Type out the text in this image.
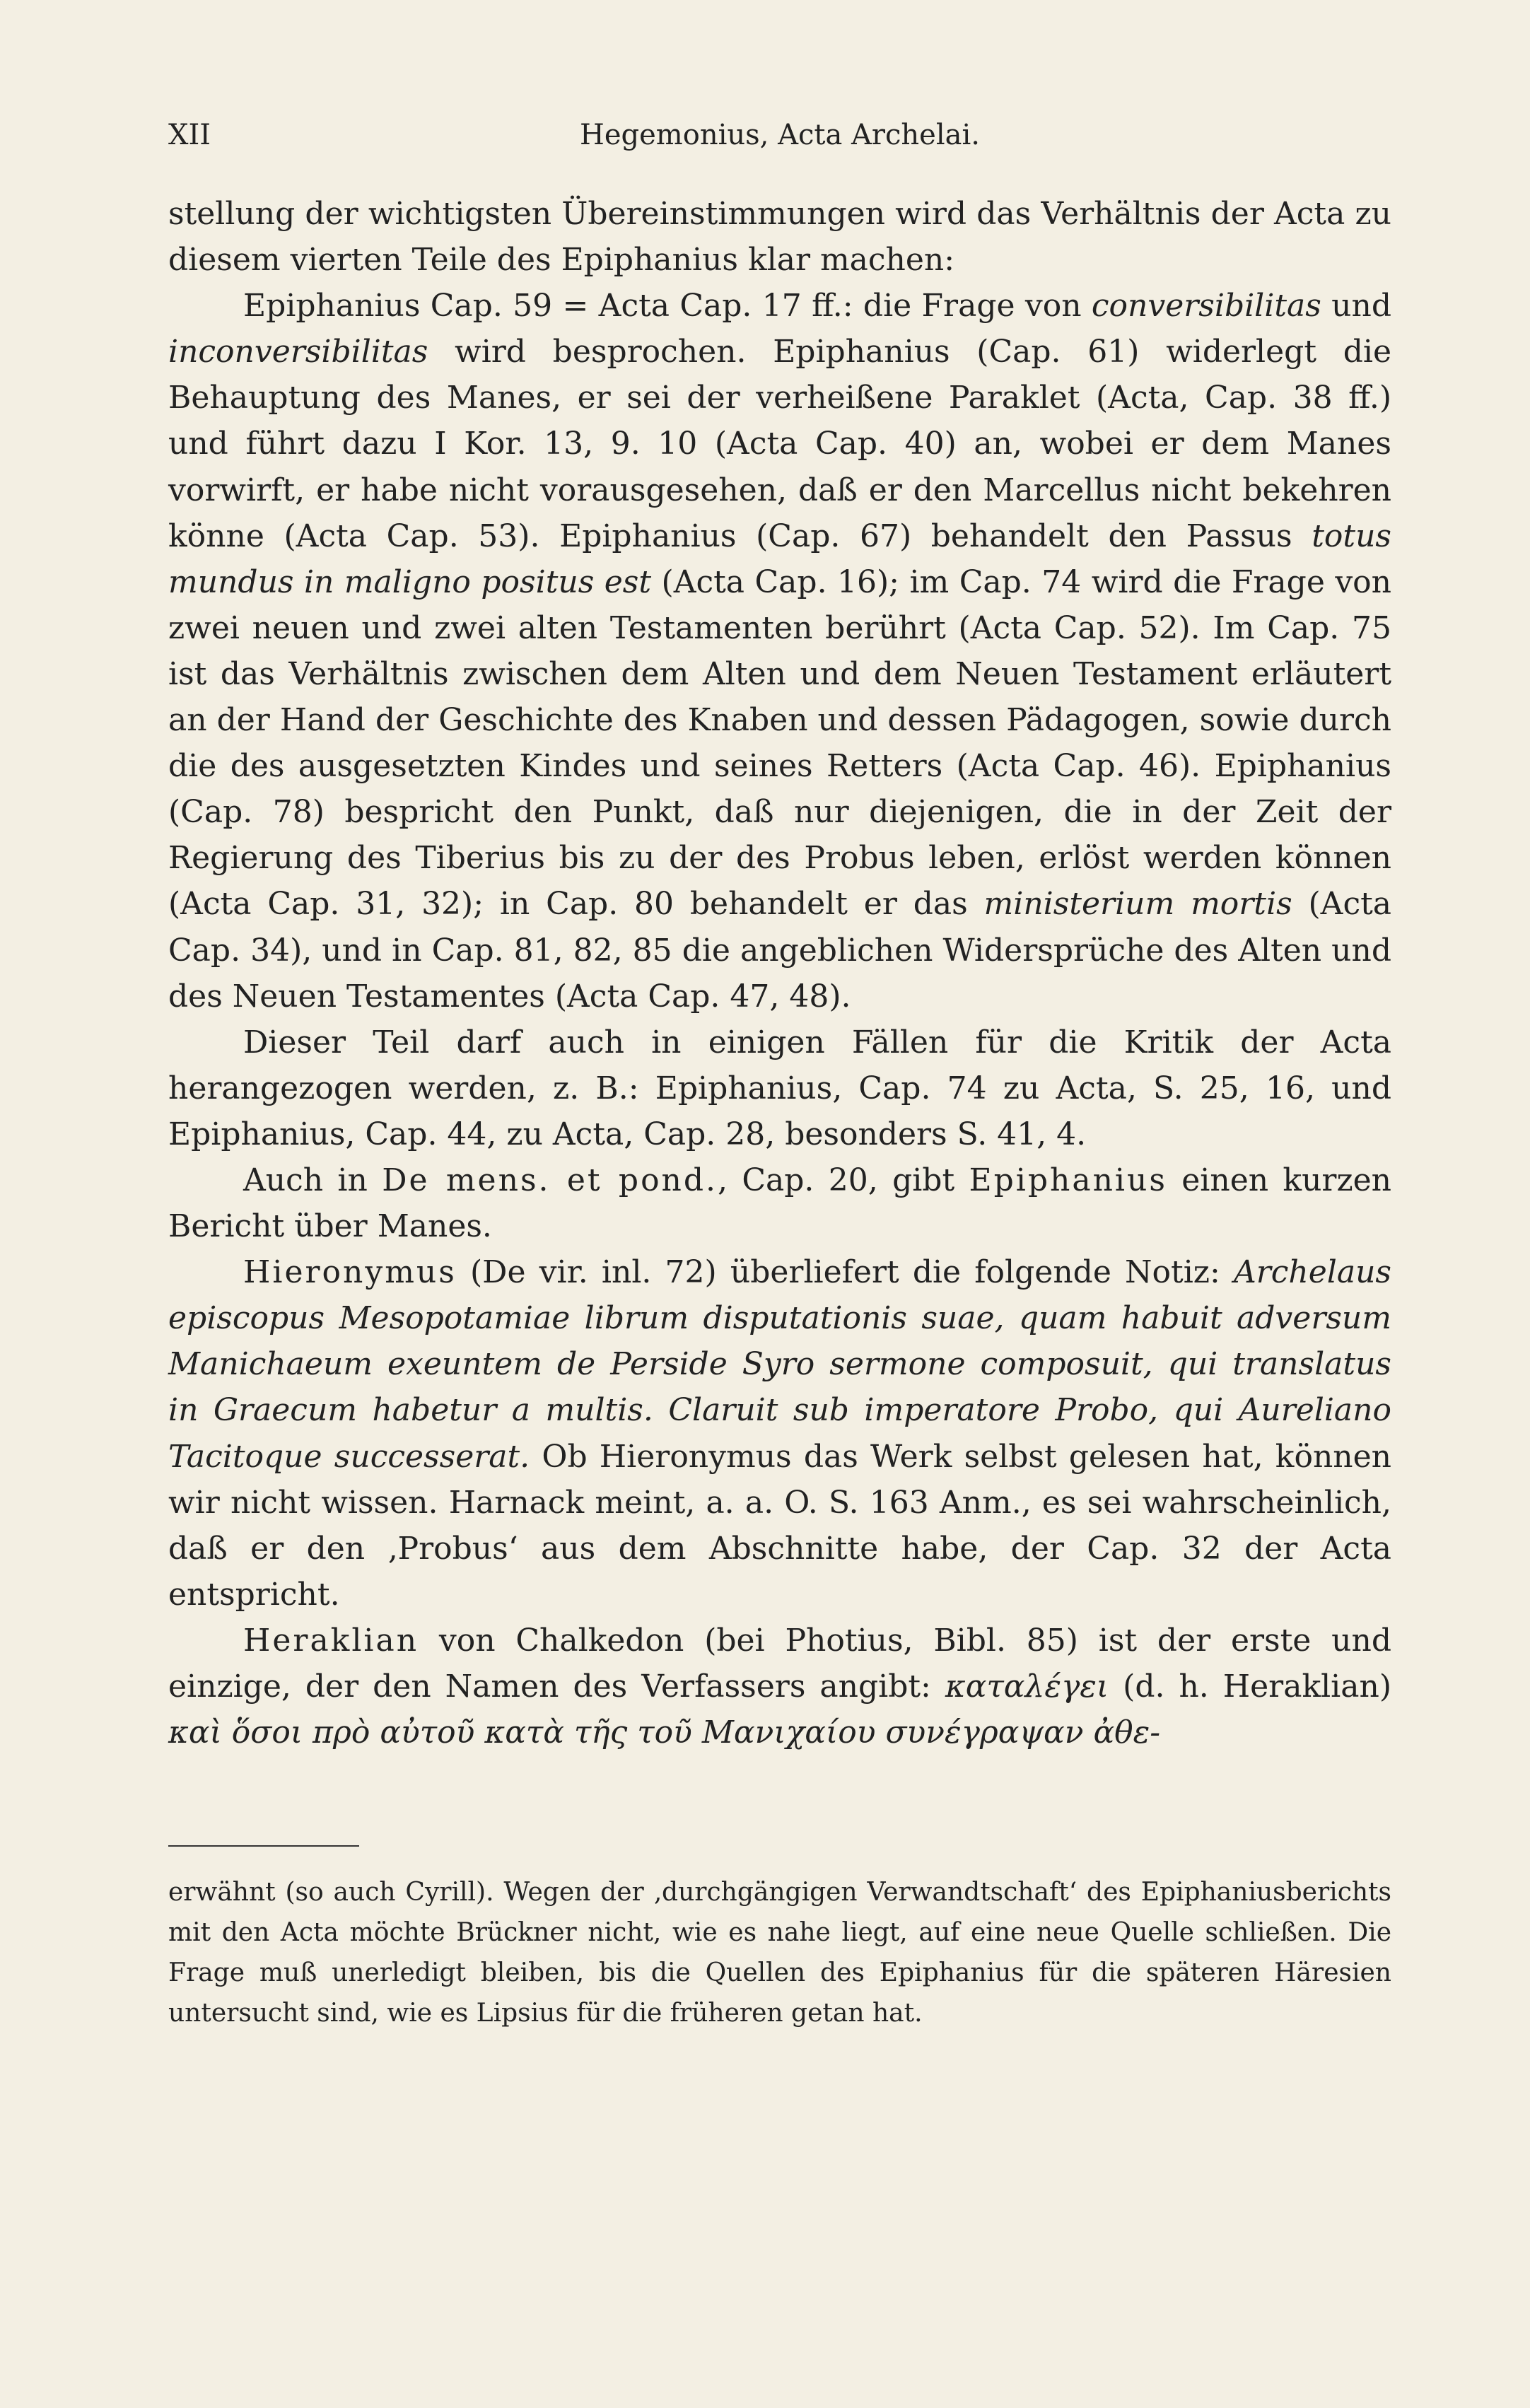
XII	Hegemonius, Acta Archelai.

stellung der wichtigsten Übereinstimmungen wird das Verhältnis der Acta zu diesem vierten Teile des Epiphanius klar machen:

Epiphanius Cap. 59 = Acta Cap. 17 ff.: die Frage von conversibilitas und inconversibilitas wird besprochen. Epiphanius (Cap. 61) widerlegt die Behauptung des Manes, er sei der verheißene Paraklet (Acta, Cap. 38 ff.) und führt dazu I Kor. 13, 9. 10 (Acta Cap. 40) an, wobei er dem Manes vorwirft, er habe nicht vorausgesehen, daß er den Marcellus nicht bekehren könne (Acta Cap. 53). Epiphanius (Cap. 67) behandelt den Passus totus mundus in maligno positus est (Acta Cap. 16); im Cap. 74 wird die Frage von zwei neuen und zwei alten Testamenten berührt (Acta Cap. 52). Im Cap. 75 ist das Verhältnis zwischen dem Alten und dem Neuen Testament erläutert an der Hand der Geschichte des Knaben und dessen Pädagogen, sowie durch die des ausgesetzten Kindes und seines Retters (Acta Cap. 46). Epiphanius (Cap. 78) bespricht den Punkt, daß nur diejenigen, die in der Zeit der Regierung des Tiberius bis zu der des Probus leben, erlöst werden können (Acta Cap. 31, 32); in Cap. 80 behandelt er das ministerium mortis (Acta Cap. 34), und in Cap. 81, 82, 85 die angeblichen Widersprüche des Alten und des Neuen Testamentes (Acta Cap. 47, 48).

Dieser Teil darf auch in einigen Fällen für die Kritik der Acta herangezogen werden, z. B.: Epiphanius, Cap. 74 zu Acta, S. 25, 16, und Epiphanius, Cap. 44, zu Acta, Cap. 28, besonders S. 41, 4.

Auch in De mens. et pond., Cap. 20, gibt Epiphanius einen kurzen Bericht über Manes.

Hieronymus (De vir. inl. 72) überliefert die folgende Notiz: Archelaus episcopus Mesopotamiae librum disputationis suae, quam habuit adversum Manichaeum exeuntem de Perside Syro sermone composuit, qui translatus in Graecum habetur a multis. Claruit sub imperatore Probo, qui Aureliano Tacitoque successerat. Ob Hieronymus das Werk selbst gelesen hat, können wir nicht wissen. Harnack meint, a. a. O. S. 163 Anm., es sei wahrscheinlich, daß er den ‚Probus‘ aus dem Abschnitte habe, der Cap. 32 der Acta entspricht.

Heraklian von Chalkedon (bei Photius, Bibl. 85) ist der erste und einzige, der den Namen des Verfassers angibt: καταλέγει (d. h. Heraklian) καὶ ὅσοι πρὸ αὐτοῦ κατὰ τῆς τοῦ Μανιχαίου συνέγραψαν ἀθε-

erwähnt (so auch Cyrill). Wegen der ‚durchgängigen Verwandtschaft‘ des Epiphaniusberichts mit den Acta möchte Brückner nicht, wie es nahe liegt, auf eine neue Quelle schließen. Die Frage muß unerledigt bleiben, bis die Quellen des Epiphanius für die späteren Häresien untersucht sind, wie es Lipsius für die früheren getan hat.
